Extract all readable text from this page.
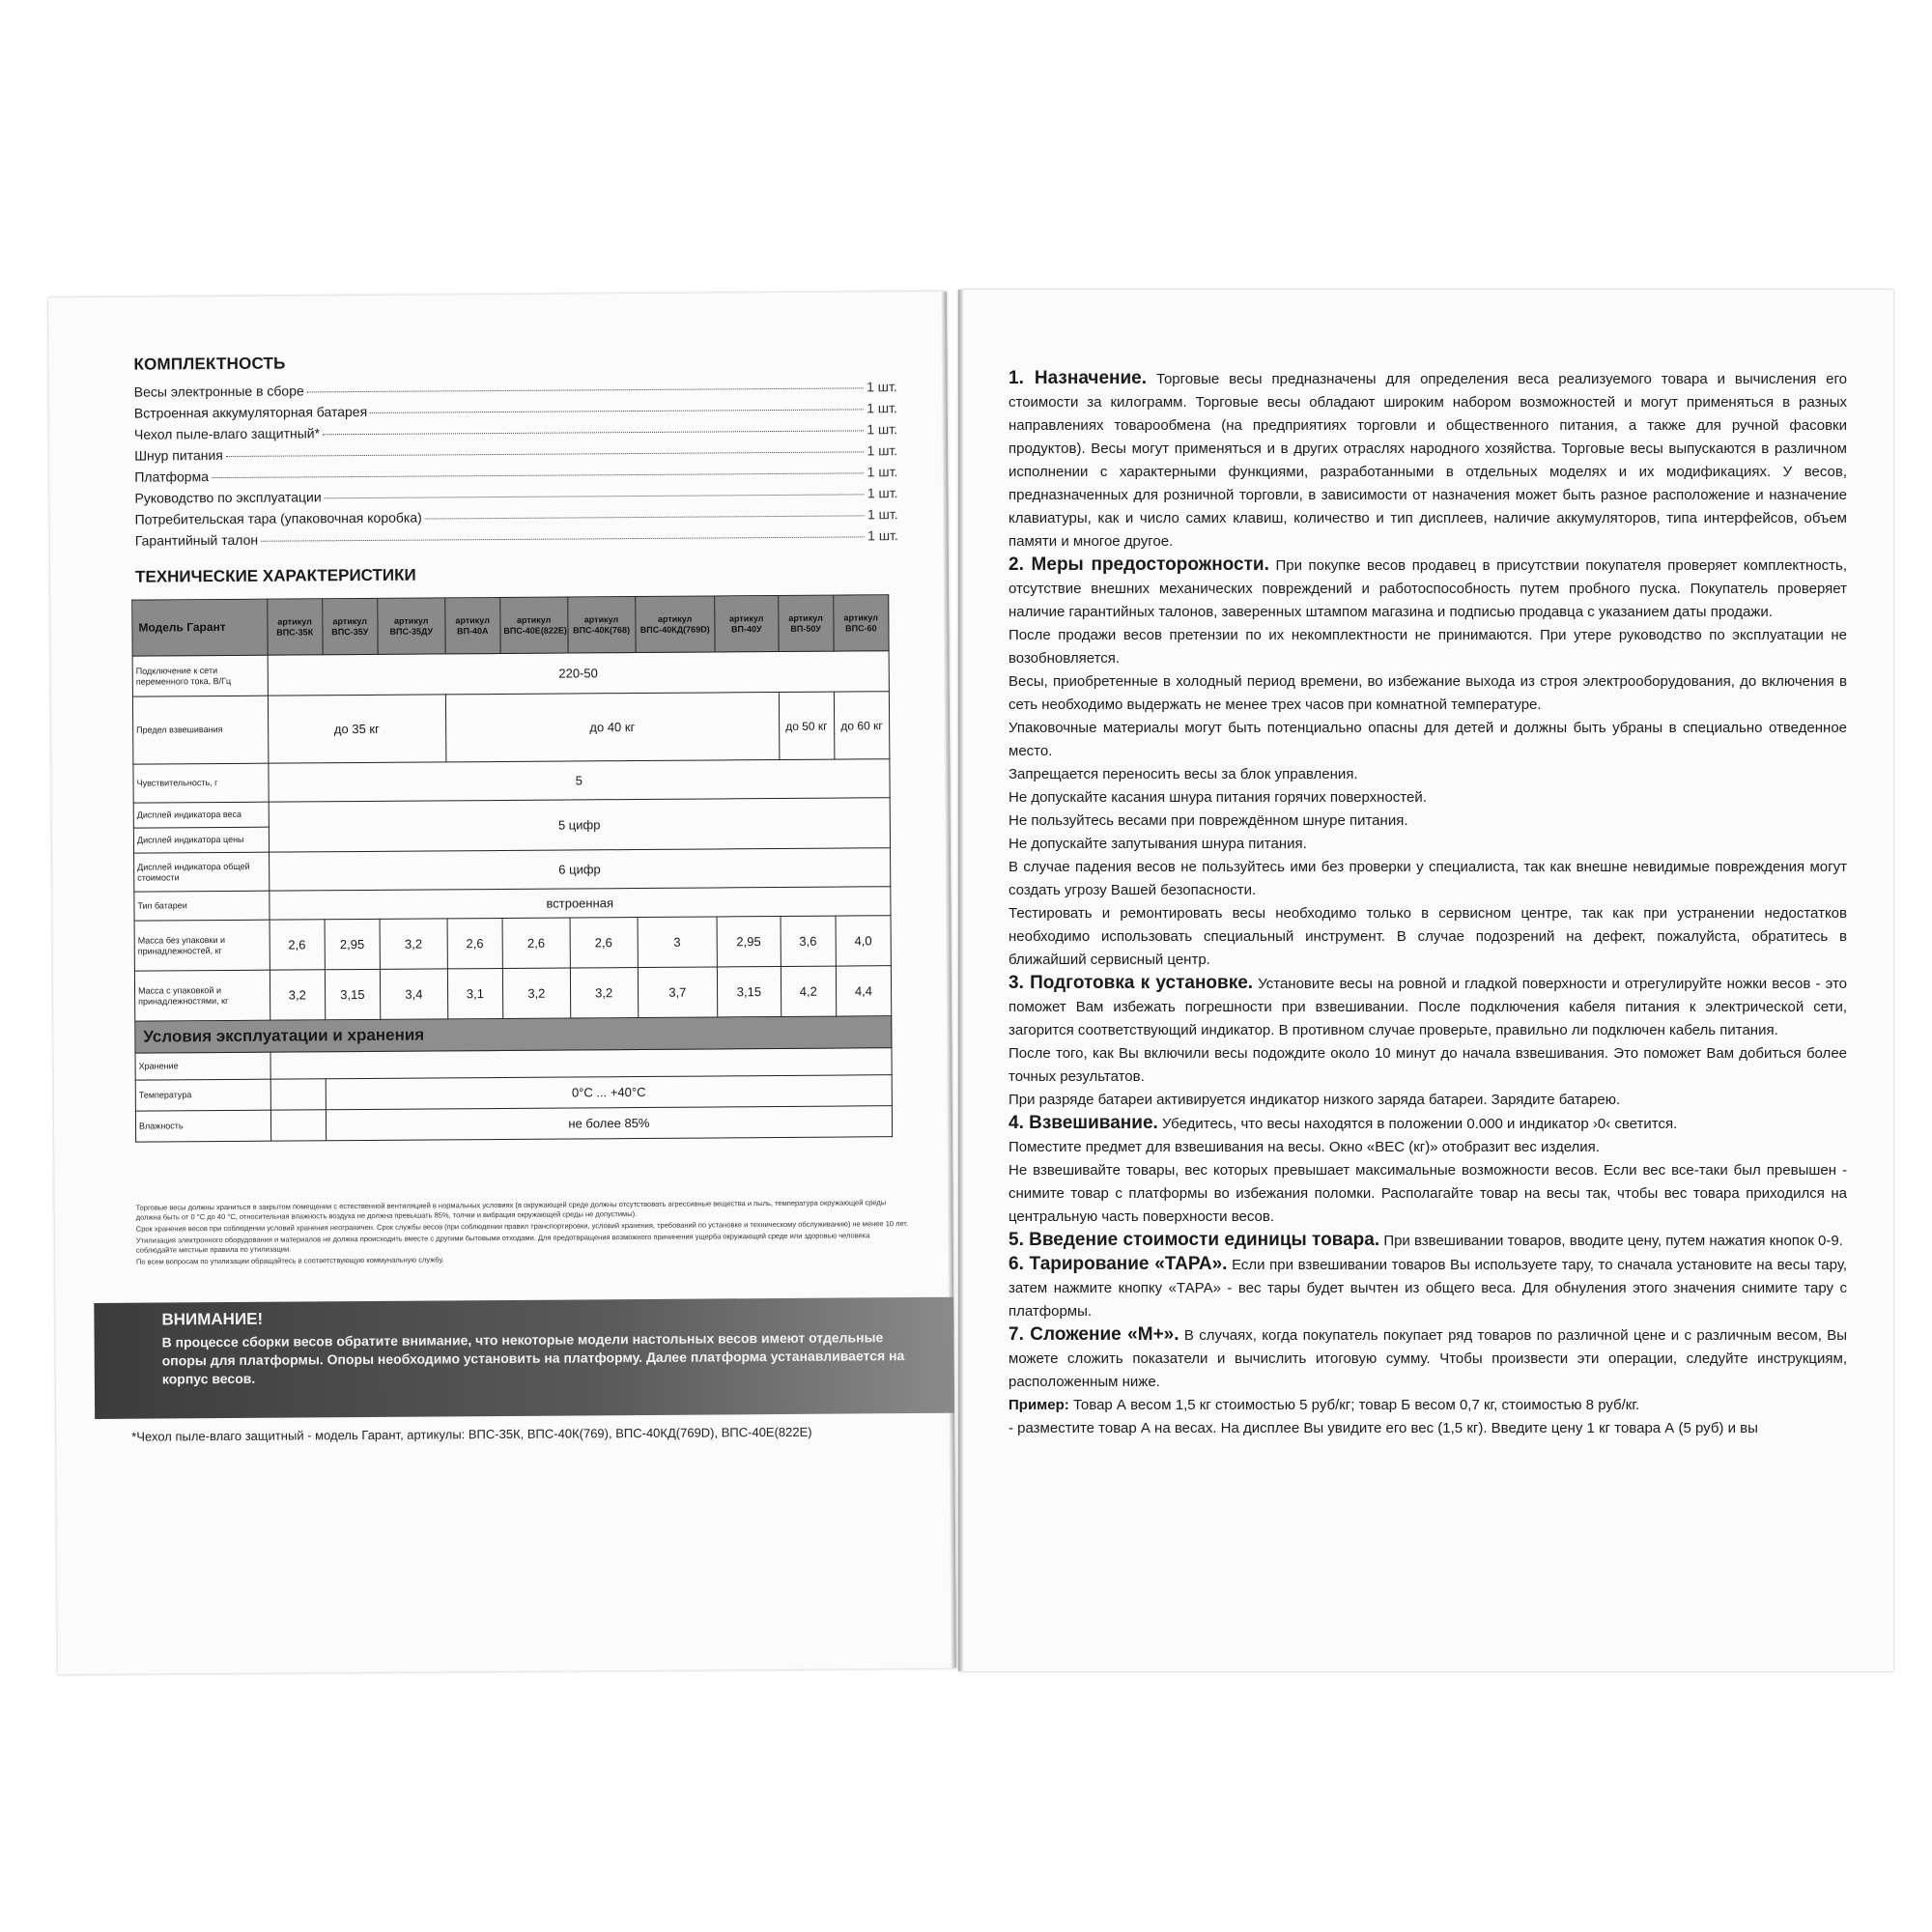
КОМПЛЕКТНОСТЬ
Весы электронные в сборе	1 шт.
Встроенная аккумуляторная батарея	1 шт.
Чехол пыле-влаго защитный*	1 шт.
Шнур питания	1 шт.
Платформа	1 шт.
Руководство по эксплуатации	1 шт.
Потребительская тара (упаковочная коробка)	1 шт.
Гарантийный талон	1 шт.
ТЕХНИЧЕСКИЕ ХАРАКТЕРИСТИКИ
Модель Гарант	артикул ВПС-35К	артикул ВПС-35У	артикул ВПС-35ДУ	артикул ВП-40А	артикул ВПС-40Е(822Е)	артикул ВПС-40К(768)	артикул ВПС-40КД(769D)	артикул ВП-40У	артикул ВП-50У	артикул ВПС-60
Подключение к сети переменного тока, В/Гц	220-50									
Предел взвешивания	до 35 кг			до 40 кг					до 50 кг	до 60 кг
Чувствительность, г	5									
Дисплей индикатора веса	5 цифр									
Дисплей индикатора цены										
Дисплей индикатора общей стоимости	6 цифр									
Тип батареи	встроенная									
Масса без упаковки и принадлежностей, кг	2,6	2,95	3,2	2,6	2,6	2,6	3	2,95	3,6	4,0
Масса с упаковкой и принадлежностями, кг	3,2	3,15	3,4	3,1	3,2	3,2	3,7	3,15	4,2	4,4
Условия эксплуатации и хранения										
Хранение										
Температура		0°С ... +40°С								
Влажность		не более 85%								

Торговые весы должны храниться в закрытом помещении с естественной вентиляцией в нормальных условиях (в окружающей среде должны отсутствовать агрессивные вещества и пыль, температура окружающей среды должна быть от 0 °С до 40 °С, относительная влажность воздуха не должна превышать 85%, толчки и вибрация окружающей среды не допустимы).

Срок хранения весов при соблюдении условий хранения неограничен. Срок службы весов (при соблюдении правил транспортировки, условий хранения, требований по установке и техническому обслуживанию) не менее 10 лет.

Утилизация электронного оборудования и материалов не должна происходить вместе с другими бытовыми отходами. Для предотвращения возможного причинения ущерба окружающей среде или здоровью человека соблюдайте местные правила по утилизации.

По всем вопросам по утилизации обращайтесь в соответствующую коммунальную службу.

ВНИМАНИЕ!
В процессе сборки весов обратите внимание, что некоторые модели настольных весов имеют отдельные опоры для платформы. Опоры необходимо установить на платформу. Далее платформа устанавливается на корпус весов.
*Чехол пыле-влаго защитный - модель Гарант, артикулы: ВПС-35К, ВПС-40К(769), ВПС-40КД(769D), ВПС-40Е(822Е)

1. Назначение. Торговые весы предназначены для определения веса реализуемого товара и вычисления его стоимости за килограмм. Торговые весы обладают широким набором возможностей и могут применяться в разных направлениях товарообмена (на предприятиях торговли и общественного питания, а также для ручной фасовки продуктов). Весы могут применяться и в других отраслях народного хозяйства. Торговые весы выпускаются в различном исполнении с характерными функциями, разработанными в отдельных моделях и их модификациях. У весов, предназначенных для розничной торговли, в зависимости от назначения может быть разное расположение и назначение клавиатуры, как и число самих клавиш, количество и тип дисплеев, наличие аккумуляторов, типа интерфейсов, объем памяти и многое другое.

2. Меры предосторожности. При покупке весов продавец в присутствии покупателя проверяет комплектность, отсутствие внешних механических повреждений и работоспособность путем пробного пуска. Покупатель проверяет наличие гарантийных талонов, заверенных штампом магазина и подписью продавца с указанием даты продажи.

После продажи весов претензии по их некомплектности не принимаются. При утере руководство по эксплуатации не возобновляется.

Весы, приобретенные в холодный период времени, во избежание выхода из строя электрооборудования, до включения в сеть необходимо выдержать не менее трех часов при комнатной температуре.

Упаковочные материалы могут быть потенциально опасны для детей и должны быть убраны в специально отведенное место.

Запрещается переносить весы за блок управления.

Не допускайте касания шнура питания горячих поверхностей.

Не пользуйтесь весами при повреждённом шнуре питания.

Не допускайте запутывания шнура питания.

В случае падения весов не пользуйтесь ими без проверки у специалиста, так как внешне невидимые повреждения могут создать угрозу Вашей безопасности.

Тестировать и ремонтировать весы необходимо только в сервисном центре, так как при устранении недостатков необходимо использовать специальный инструмент. В случае подозрений на дефект, пожалуйста, обратитесь в ближайший сервисный центр.

3. Подготовка к установке. Установите весы на ровной и гладкой поверхности и отрегулируйте ножки весов - это поможет Вам избежать погрешности при взвешивании. После подключения кабеля питания к электрической сети, загорится соответствующий индикатор. В противном случае проверьте, правильно ли подключен кабель питания.

После того, как Вы включили весы подождите около 10 минут до начала взвешивания. Это поможет Вам добиться более точных результатов.

При разряде батареи активируется индикатор низкого заряда батареи. Зарядите батарею.

4. Взвешивание. Убедитесь, что весы находятся в положении 0.000 и индикатор ›0‹ светится.

Поместите предмет для взвешивания на весы. Окно «ВЕС (кг)» отобразит вес изделия.

Не взвешивайте товары, вес которых превышает максимальные возможности весов. Если вес все-таки был превышен - снимите товар с платформы во избежания поломки. Располагайте товар на весы так, чтобы вес товара приходился на центральную часть поверхности весов.

5. Введение стоимости единицы товара. При взвешивании товаров, вводите цену, путем нажатия кнопок 0-9.

6. Тарирование «ТАРА». Если при взвешивании товаров Вы используете тару, то сначала установите на весы тару, затем нажмите кнопку «ТАРА» - вес тары будет вычтен из общего веса. Для обнуления этого значения снимите тару с платформы.

7. Сложение «М+». В случаях, когда покупатель покупает ряд товаров по различной цене и с различным весом, Вы можете сложить показатели и вычислить итоговую сумму. Чтобы произвести эти операции, следуйте инструкциям, расположенным ниже.

Пример: Товар А весом 1,5 кг стоимостью 5 руб/кг; товар Б весом 0,7 кг, стоимостью 8 руб/кг.

- разместите товар А на весах. На дисплее Вы увидите его вес (1,5 кг). Введите цену 1 кг товара А (5 руб) и вы
